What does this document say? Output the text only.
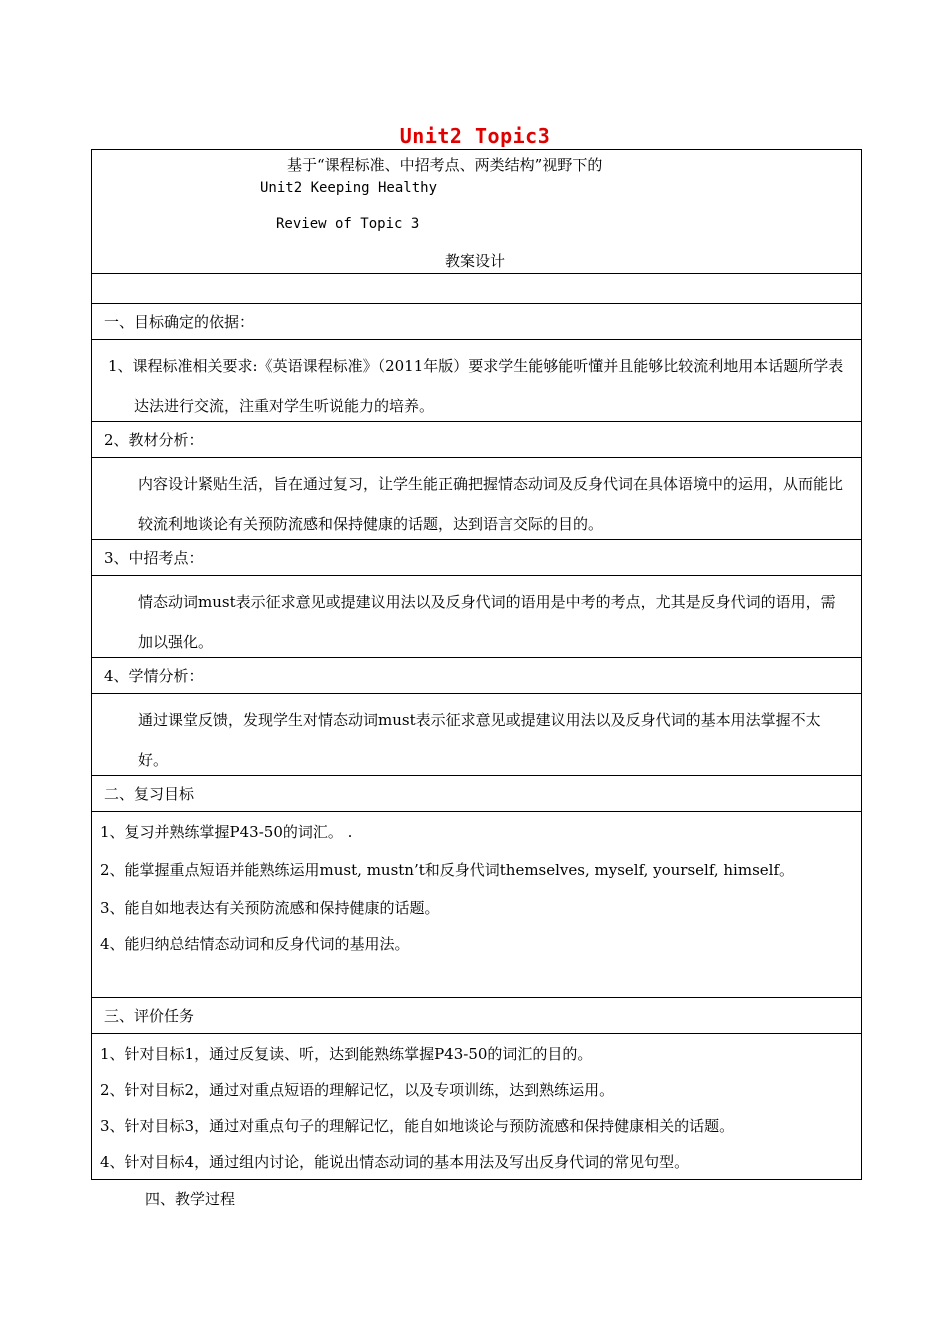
Unit2 Topic3
基于“课程标准、中招考点、两类结构”视野下的
Unit2 Keeping Healthy
Review of Topic 3
教案设计
一、目标确定的依据：

1、课程标准相关要求:《英语课程标准》（2011年版）要求学生能够能听懂并且能够比较流利地用本话题所学表达法进行交流，注重对学生听说能力的培养。

2、教材分析：

内容设计紧贴生活，旨在通过复习，让学生能正确把握情态动词及反身代词在具体语境中的运用，从而能比较流利地谈论有关预防流感和保持健康的话题，达到语言交际的目的。

3、中招考点：

情态动词must表示征求意见或提建议用法以及反身代词的语用是中考的考点，尤其是反身代词的语用，需加以强化。

4、学情分析：

通过课堂反馈，发现学生对情态动词must表示征求意见或提建议用法以及反身代词的基本用法掌握不太好。

二、复习目标
1、复习并熟练掌握P43-50的词汇。 .
2、能掌握重点短语并能熟练运用must, mustn’t和反身代词themselves, myself, yourself, himself。
3、能自如地表达有关预防流感和保持健康的话题。
4、能归纳总结情态动词和反身代词的基用法。
三、评价任务
1、针对目标1，通过反复读、听，达到能熟练掌握P43-50的词汇的目的。
2、针对目标2，通过对重点短语的理解记忆，以及专项训练，达到熟练运用。
3、针对目标3，通过对重点句子的理解记忆，能自如地谈论与预防流感和保持健康相关的话题。
4、针对目标4，通过组内讨论，能说出情态动词的基本用法及写出反身代词的常见句型。
四、教学过程
